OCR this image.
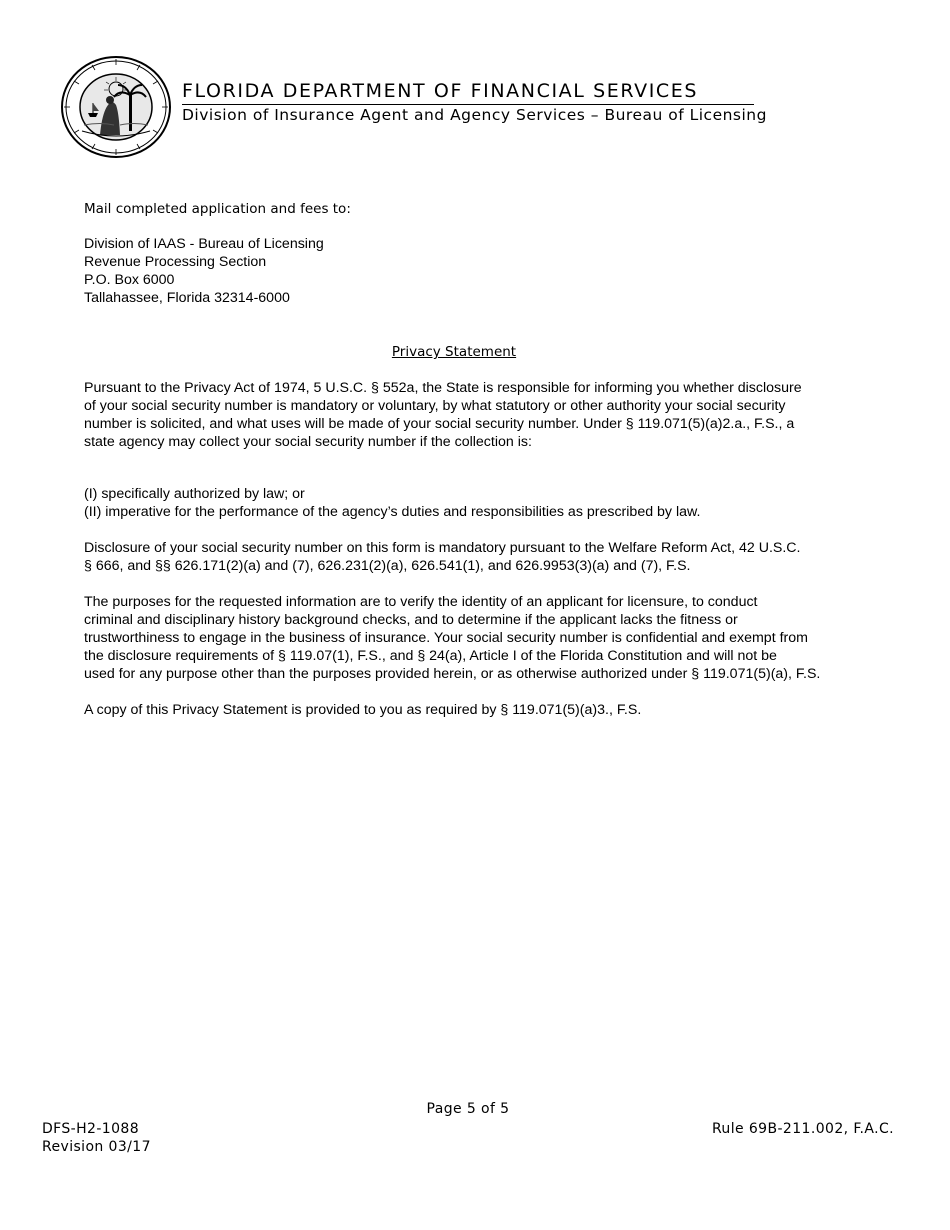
FLORIDA DEPARTMENT OF FINANCIAL SERVICES
Division of Insurance Agent and Agency Services – Bureau of Licensing
Mail completed application and fees to:
Division of IAAS - Bureau of Licensing
Revenue Processing Section
P.O. Box 6000
Tallahassee, Florida 32314-6000
Privacy Statement

Pursuant to the Privacy Act of 1974, 5 U.S.C. § 552a, the State is responsible for informing you whether disclosure
of your social security number is mandatory or voluntary, by what statutory or other authority your social security
number is solicited, and what uses will be made of your social security number. Under § 119.071(5)(a)2.a., F.S., a
state agency may collect your social security number if the collection is:

(I) specifically authorized by law; or
(II) imperative for the performance of the agency’s duties and responsibilities as prescribed by law.
Disclosure of your social security number on this form is mandatory pursuant to the Welfare Reform Act, 42 U.S.C.
§ 666, and §§ 626.171(2)(a) and (7), 626.231(2)(a), 626.541(1), and 626.9953(3)(a) and (7), F.S.
The purposes for the requested information are to verify the identity of an applicant for licensure, to conduct
criminal and disciplinary history background checks, and to determine if the applicant lacks the fitness or
trustworthiness to engage in the business of insurance. Your social security number is confidential and exempt from
the disclosure requirements of § 119.07(1), F.S., and § 24(a), Article I of the Florida Constitution and will not be
used for any purpose other than the purposes provided herein, or as otherwise authorized under § 119.071(5)(a), F.S.
A copy of this Privacy Statement is provided to you as required by § 119.071(5)(a)3., F.S.
Page 5 of 5
DFS-H2-1088
Revision 03/17
Rule 69B-211.002, F.A.C.
